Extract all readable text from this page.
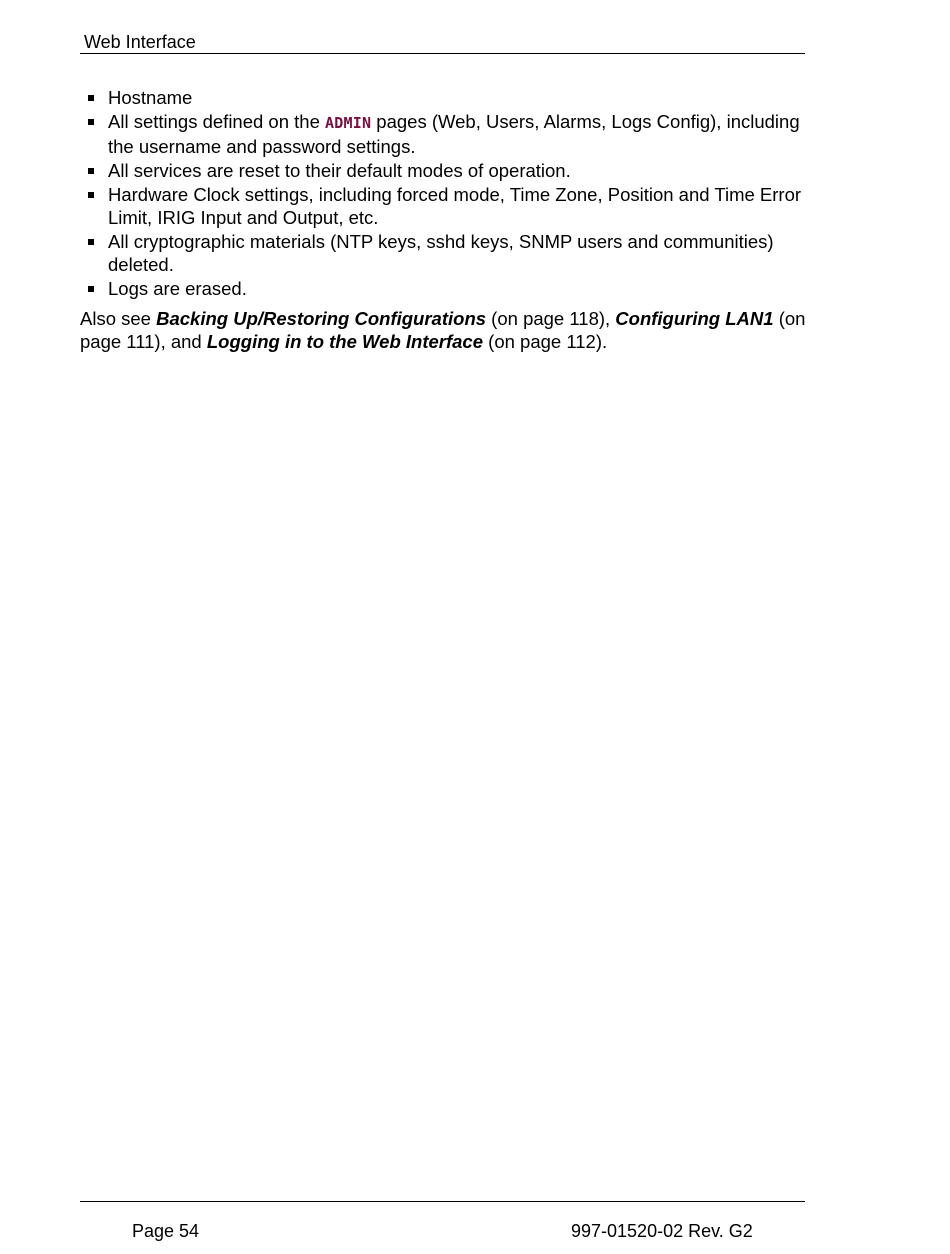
Web Interface
Hostname
All settings defined on the ADMIN pages (Web, Users, Alarms, Logs Config), including the username and password settings.
All services are reset to their default modes of operation.
Hardware Clock settings, including forced mode, Time Zone, Position and Time Error Limit, IRIG Input and Output, etc.
All cryptographic materials (NTP keys, sshd keys, SNMP users and communities) deleted.
Logs are erased.

Also see Backing Up/Restoring Configurations (on page 118), Configuring LAN1 (on page 111), and Logging in to the Web Interface (on page 112).

Page 54	997-01520-02 Rev. G2
